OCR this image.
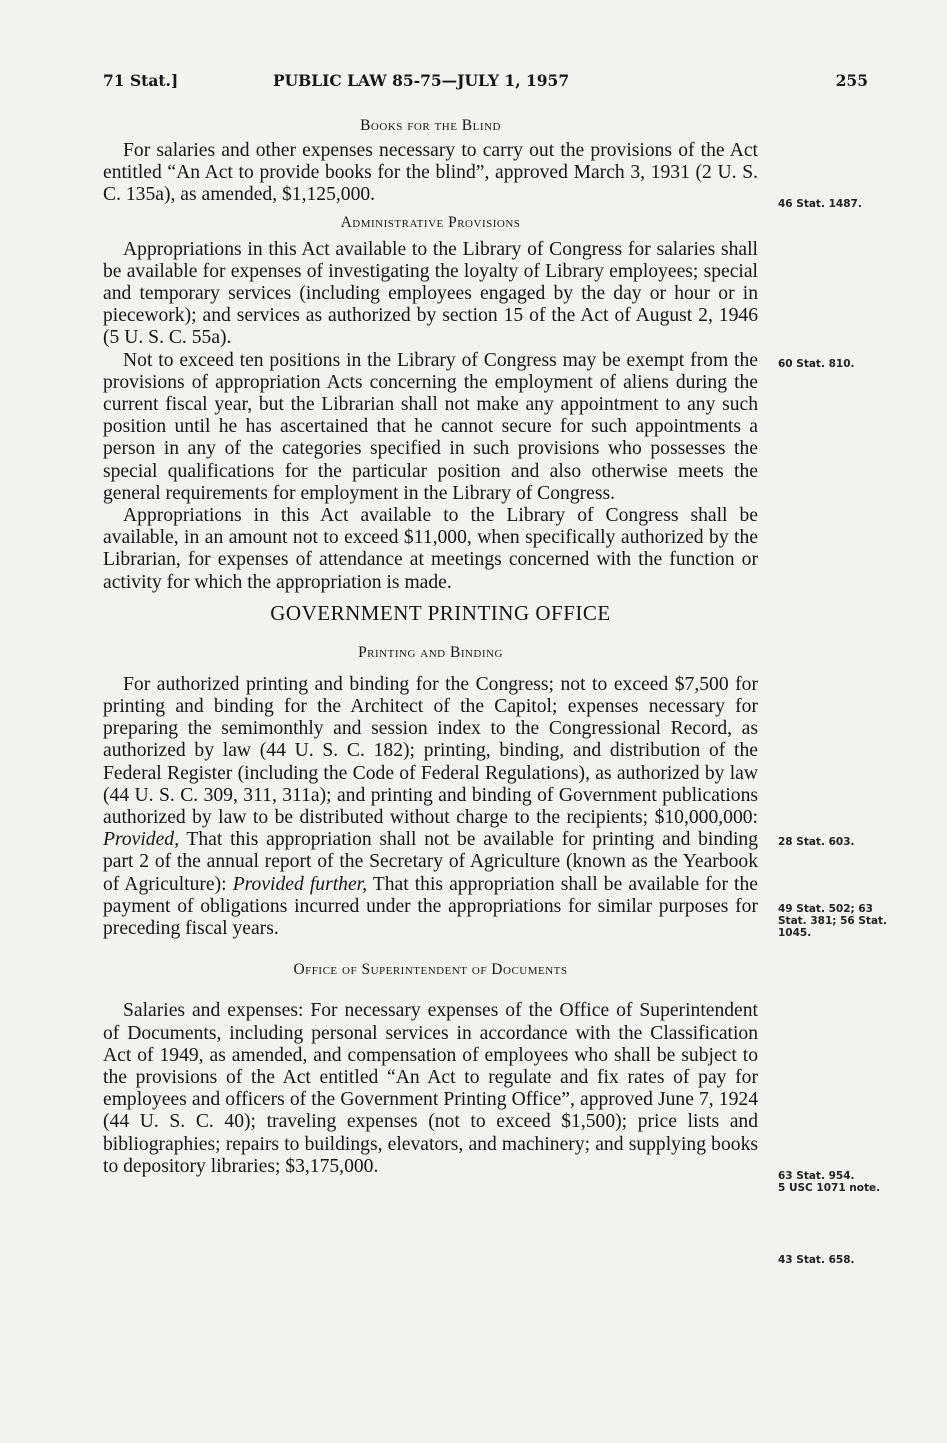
71 Stat.]	PUBLIC LAW 85-75—JULY 1, 1957	255

Books for the Blind

For salaries and other expenses necessary to carry out the provisions of the Act entitled “An Act to provide books for the blind”, approved March 3, 1931 (2 U. S. C. 135a), as amended, $1,125,000.

Administrative Provisions

Appropriations in this Act available to the Library of Congress for salaries shall be available for expenses of investigating the loyalty of Library employees; special and temporary services (including employees engaged by the day or hour or in piecework); and services as authorized by section 15 of the Act of August 2, 1946 (5 U. S. C. 55a).

Not to exceed ten positions in the Library of Congress may be exempt from the provisions of appropriation Acts concerning the employment of aliens during the current fiscal year, but the Librarian shall not make any appointment to any such position until he has ascertained that he cannot secure for such appointments a person in any of the categories specified in such provisions who possesses the special qualifications for the particular position and also otherwise meets the general requirements for employment in the Library of Congress.

Appropriations in this Act available to the Library of Congress shall be available, in an amount not to exceed $11,000, when specifically authorized by the Librarian, for expenses of attendance at meetings concerned with the function or activity for which the appropriation is made.

GOVERNMENT PRINTING OFFICE

Printing and Binding

For authorized printing and binding for the Congress; not to exceed $7,500 for printing and binding for the Architect of the Capitol; expenses necessary for preparing the semimonthly and session index to the Congressional Record, as authorized by law (44 U. S. C. 182); printing, binding, and distribution of the Federal Register (including the Code of Federal Regulations), as authorized by law (44 U. S. C. 309, 311, 311a); and printing and binding of Government publications authorized by law to be distributed without charge to the recipients; $10,000,000: Provided, That this appropriation shall not be available for printing and binding part 2 of the annual report of the Secretary of Agriculture (known as the Yearbook of Agriculture): Provided further, That this appropriation shall be available for the payment of obligations incurred under the appropriations for similar purposes for preceding fiscal years.

Office of Superintendent of Documents

Salaries and expenses: For necessary expenses of the Office of Superintendent of Documents, including personal services in accordance with the Classification Act of 1949, as amended, and compensation of employees who shall be subject to the provisions of the Act entitled “An Act to regulate and fix rates of pay for employees and officers of the Government Printing Office”, approved June 7, 1924 (44 U. S. C. 40); traveling expenses (not to exceed $1,500); price lists and bibliographies; repairs to buildings, elevators, and machinery; and supplying books to depository libraries; $3,175,000.

46 Stat. 1487.
60 Stat. 810.
28 Stat. 603.
49 Stat. 502; 63
Stat. 381; 56 Stat.
1045.
63 Stat. 954.
5 USC 1071 note.
43 Stat. 658.
